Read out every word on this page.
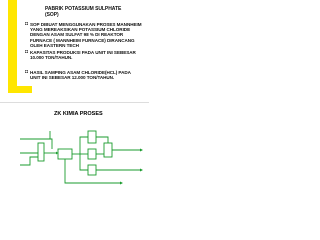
PABRIK POTASSIUM SULPHATE (SOP)
◘ SOP DIBUAT MENGGUNAKAN PROSES MANNHEIM YANG MEREAKSIKAN POTASSIUM CHLORIDE DENGAN ASAM SULFAT 98 % DI REAKTOR FURNACE ( MANNHEIM FURNACE) DIRANCANG OLEH EASTERN TECH
◘ KAPASITAS PRODUKSI PADA UNIT INI SEBESAR 10.000 TON/TAHUN.
◘ HASIL SAMPING ASAM CHLORIDE(HCL) PADA UNIT INI SEBESAR 12.000 TON/TAHUN.
ZK KIMIA PROSES
